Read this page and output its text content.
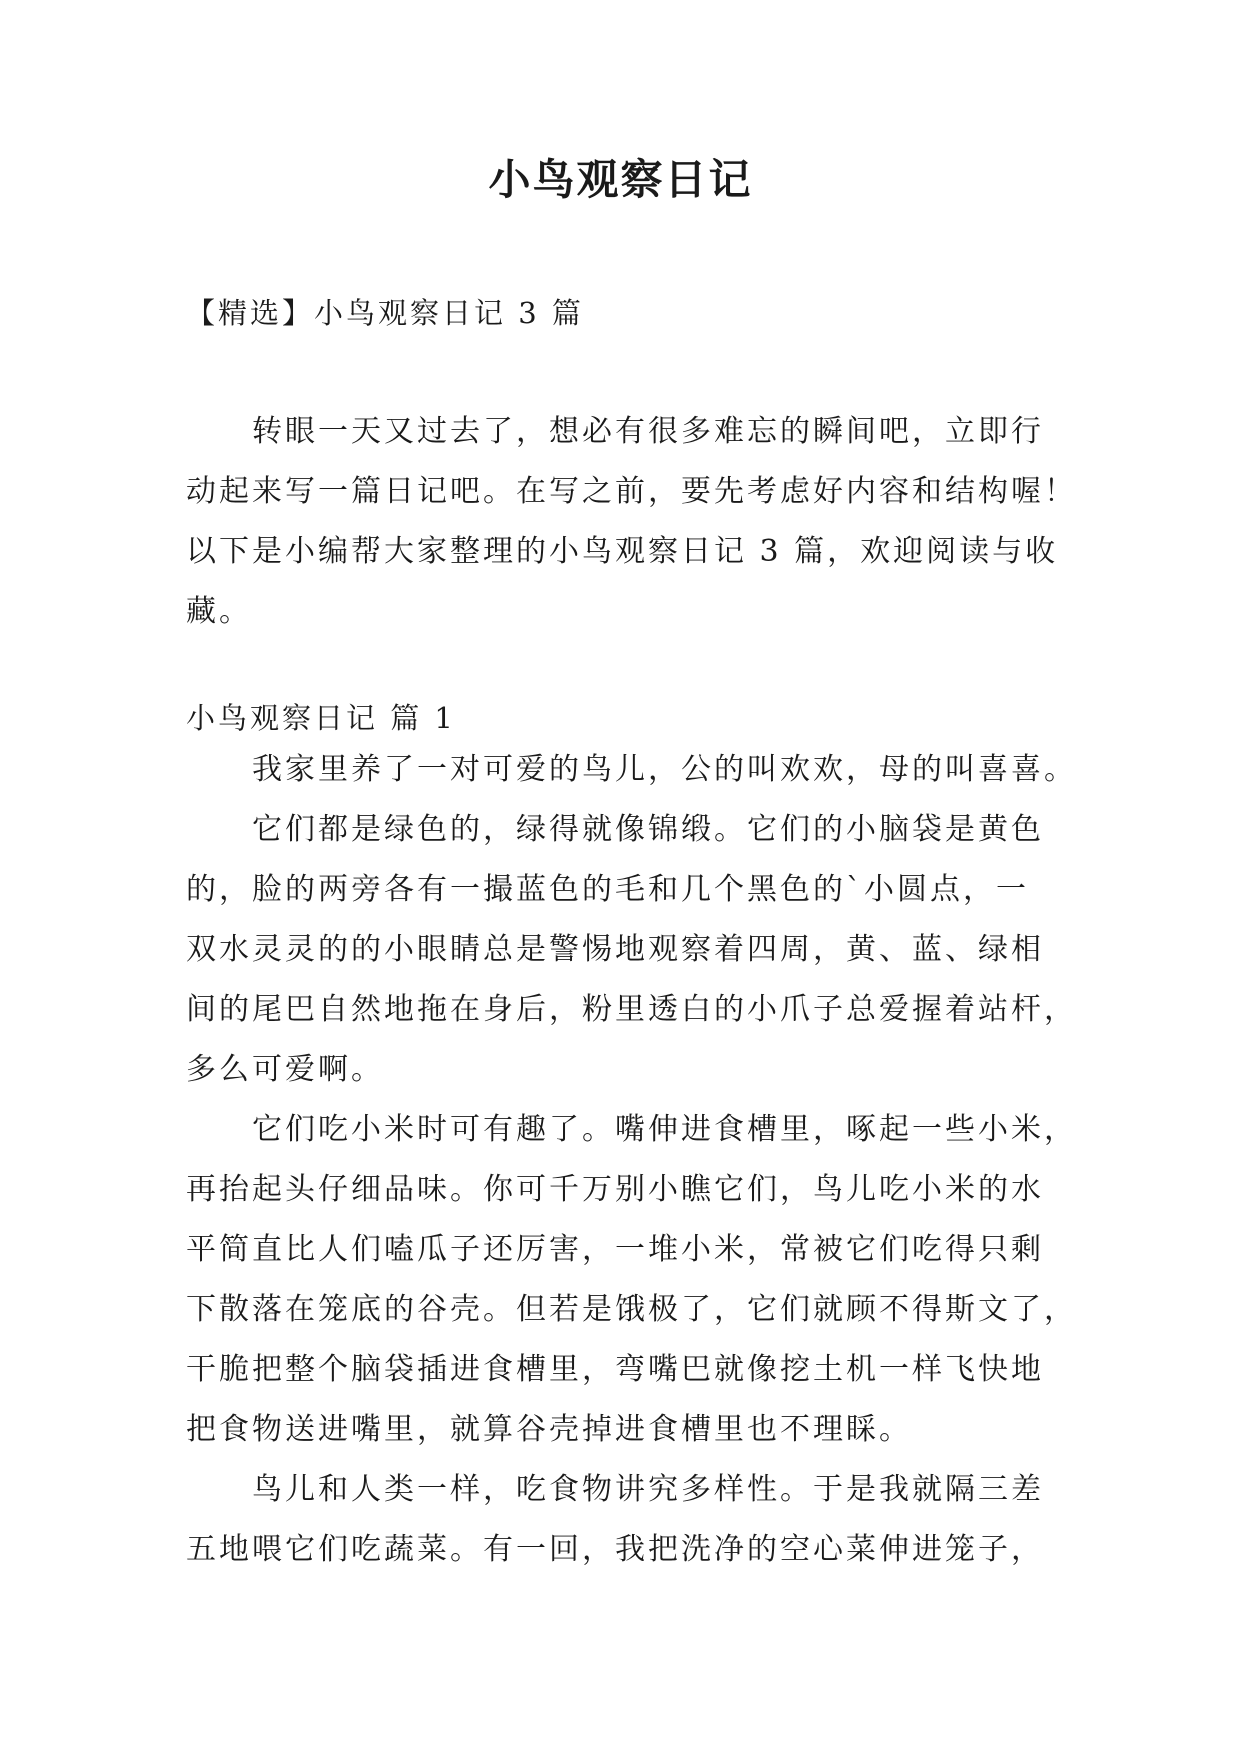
小鸟观察日记
【精选】小鸟观察日记 3 篇
转眼一天又过去了，想必有很多难忘的瞬间吧，立即行
动起来写一篇日记吧。在写之前，要先考虑好内容和结构喔！
以下是小编帮大家整理的小鸟观察日记 3 篇，欢迎阅读与收
藏。
小鸟观察日记 篇 1
我家里养了一对可爱的鸟儿，公的叫欢欢，母的叫喜喜。
它们都是绿色的，绿得就像锦缎。它们的小脑袋是黄色
的，脸的两旁各有一撮蓝色的毛和几个黑色的`小圆点，一
双水灵灵的的小眼睛总是警惕地观察着四周，黄、蓝、绿相
间的尾巴自然地拖在身后，粉里透白的小爪子总爱握着站杆，
多么可爱啊。
它们吃小米时可有趣了。嘴伸进食槽里，啄起一些小米，
再抬起头仔细品味。你可千万别小瞧它们，鸟儿吃小米的水
平简直比人们嗑瓜子还厉害，一堆小米，常被它们吃得只剩
下散落在笼底的谷壳。但若是饿极了，它们就顾不得斯文了，
干脆把整个脑袋插进食槽里，弯嘴巴就像挖土机一样飞快地
把食物送进嘴里，就算谷壳掉进食槽里也不理睬。
鸟儿和人类一样，吃食物讲究多样性。于是我就隔三差
五地喂它们吃蔬菜。有一回，我把洗净的空心菜伸进笼子，
